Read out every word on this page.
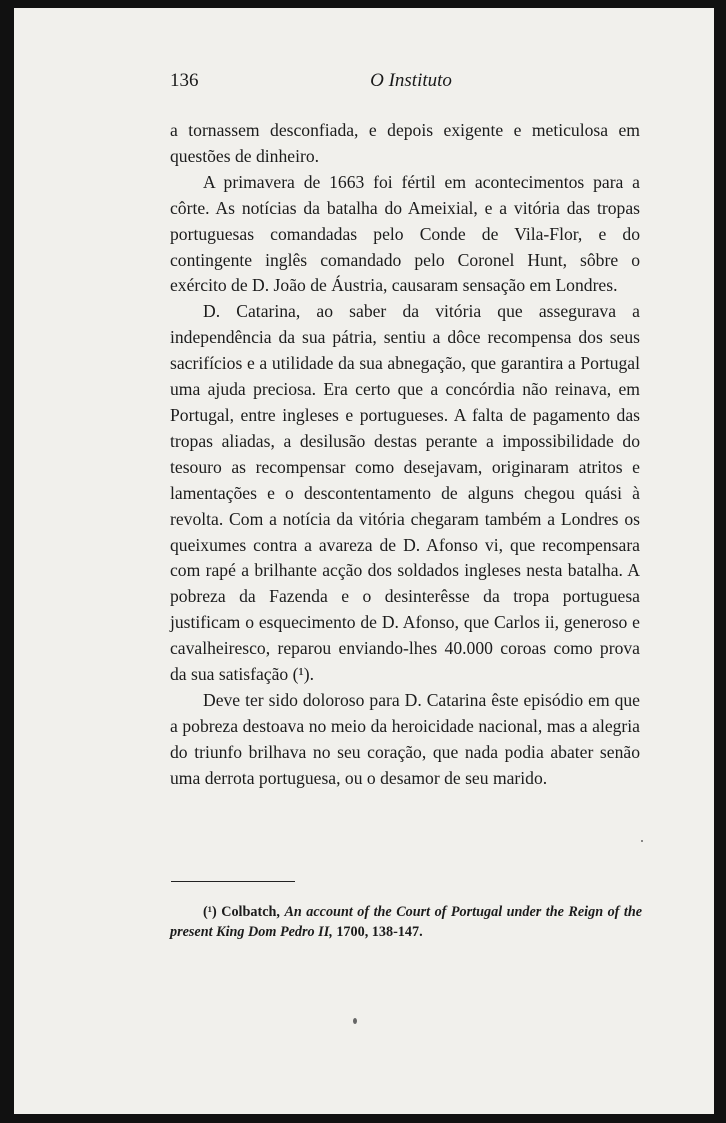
136	O Instituto

a tornassem desconfiada, e depois exigente e meticulosa em questões de dinheiro.

A primavera de 1663 foi fértil em acontecimentos para a côrte. As notícias da batalha do Ameixial, e a vitória das tropas portuguesas comandadas pelo Conde de Vila-Flor, e do contingente inglês comandado pelo Coronel Hunt, sôbre o exército de D. João de Áustria, causaram sensação em Londres.

D. Catarina, ao saber da vitória que assegurava a independência da sua pátria, sentiu a dôce recompensa dos seus sacrifícios e a utilidade da sua abnegação, que garantira a Portugal uma ajuda preciosa. Era certo que a concórdia não reinava, em Portugal, entre ingleses e portugueses. A falta de pagamento das tropas aliadas, a desilusão destas perante a impossibilidade do tesouro as recompensar como desejavam, originaram atritos e lamentações e o descontentamento de alguns chegou quási à revolta. Com a notícia da vitória chegaram também a Londres os queixumes contra a avareza de D. Afonso vi, que recompensara com rapé a brilhante acção dos soldados ingleses nesta batalha. A pobreza da Fazenda e o desinterêsse da tropa portuguesa justificam o esquecimento de D. Afonso, que Carlos ii, generoso e cavalheiresco, reparou enviando-lhes 40.000 coroas como prova da sua satisfação (¹).

Deve ter sido doloroso para D. Catarina êste episódio em que a pobreza destoava no meio da heroicidade nacional, mas a alegria do triunfo brilhava no seu coração, que nada podia abater senão uma derrota portuguesa, ou o desamor de seu marido.

(¹) Colbatch, An account of the Court of Portugal under the Reign of the present King Dom Pedro II, 1700, 138-147.
